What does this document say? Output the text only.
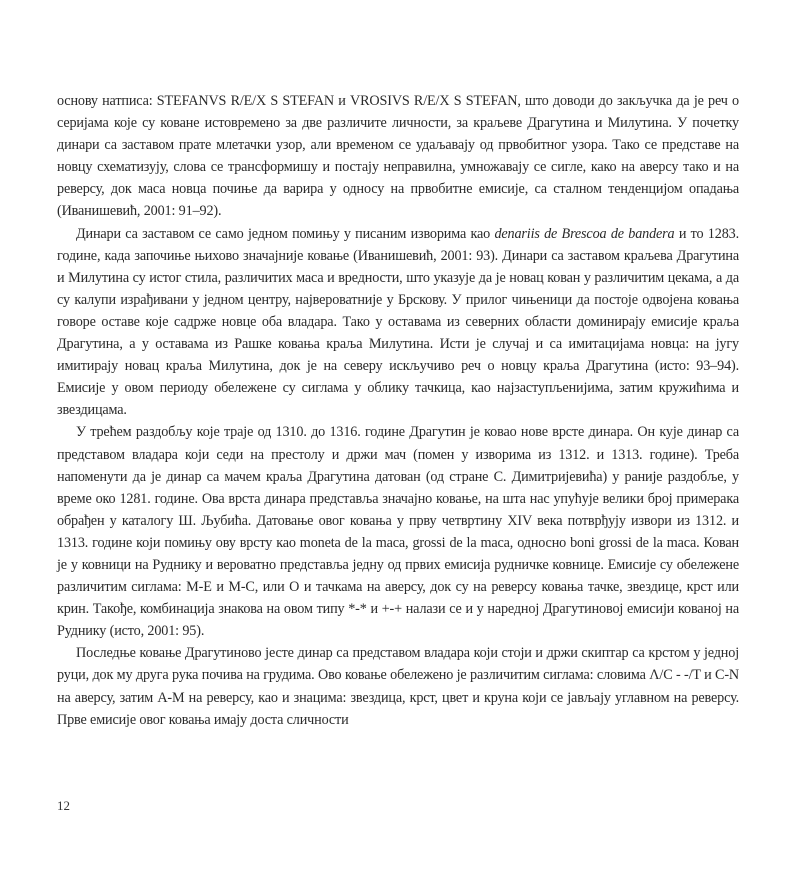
основу натписа: STEFANVS R/E/X S STEFAN и VROSIVS R/E/X S STEFAN, што доводи до закључка да је реч о серијама које су коване истовремено за две различите личности, за краљеве Драгутина и Милутина. У почетку динари са заставом прате млетачки узор, али временом се удаљавају од првобитног узора. Тако се представе на новцу схематизују, слова се трансформишу и постају неправилна, умножавају се сигле, како на аверсу тако и на реверсу, док маса новца почиње да варира у односу на првобитне емисије, са сталном тенденцијом опадања (Иванишевић, 2001: 91–92).

Динари са заставом се само једном помињу у писаним изворима као denariis de Brescoa de bandera и то 1283. године, када започиње њихово значајније ковање (Иванишевић, 2001: 93). Динари са заставом краљева Драгутина и Милутина су истог стила, различитих маса и вредности, што указује да је новац кован у различитим цекама, а да су калупи израђивани у једном центру, највероватније у Брскову. У прилог чињеници да постоје одвојена ковања говоре оставе које садрже новце оба владара. Тако у оставама из северних области доминирају емисије краља Драгутина, а у оставама из Рашке ковања краља Милутина. Исти је случај и са имитацијама новца: на југу имитирају новац краља Милутина, док је на северу искључиво реч о новцу краља Драгутина (исто: 93–94). Емисије у овом периоду обележене су сиглама у облику тачкица, као најзаступљенијима, затим кружићима и звездицама.

У трећем раздобљу које траје од 1310. до 1316. године Драгутин је ковао нове врсте динара. Он кује динар са представом владара који седи на престолу и држи мач (помен у изворима из 1312. и 1313. године). Треба напоменути да је динар са мачем краља Драгутина датован (од стране С. Димитријевића) у раније раздобље, у време око 1281. године. Ова врста динара представља значајно ковање, на шта нас упућује велики број примерака обрађен у каталогу Ш. Љубића. Датовање овог ковања у прву четвртину XIV века потврђују извори из 1312. и 1313. године који помињу ову врсту као moneta de la maca, grossi de la maca, односно boni grossi de la maca. Кован је у ковници на Руднику и вероватно представља једну од првих емисија рудничке ковнице. Емисије су обележене различитим сиглама: M-E и M-C, или O и тачкама на аверсу, док су на реверсу ковања тачке, звездице, крст или крин. Такође, комбинација знакова на овом типу *-* и +-+ налази се и у наредној Драгутиновој емисији кованој на Руднику (исто, 2001: 95).

Последње ковање Драгутиново јесте динар са представом владара који стоји и држи скиптар са крстом у једној руци, док му друга рука почива на грудима. Ово ковање обележено је различитим сиглама: словима Λ/C - -/T и C-N на аверсу, затим A-M на реверсу, као и знацима: звездица, крст, цвет и круна који се јављају углавном на реверсу. Прве емисије овог ковања имају доста сличности

12
